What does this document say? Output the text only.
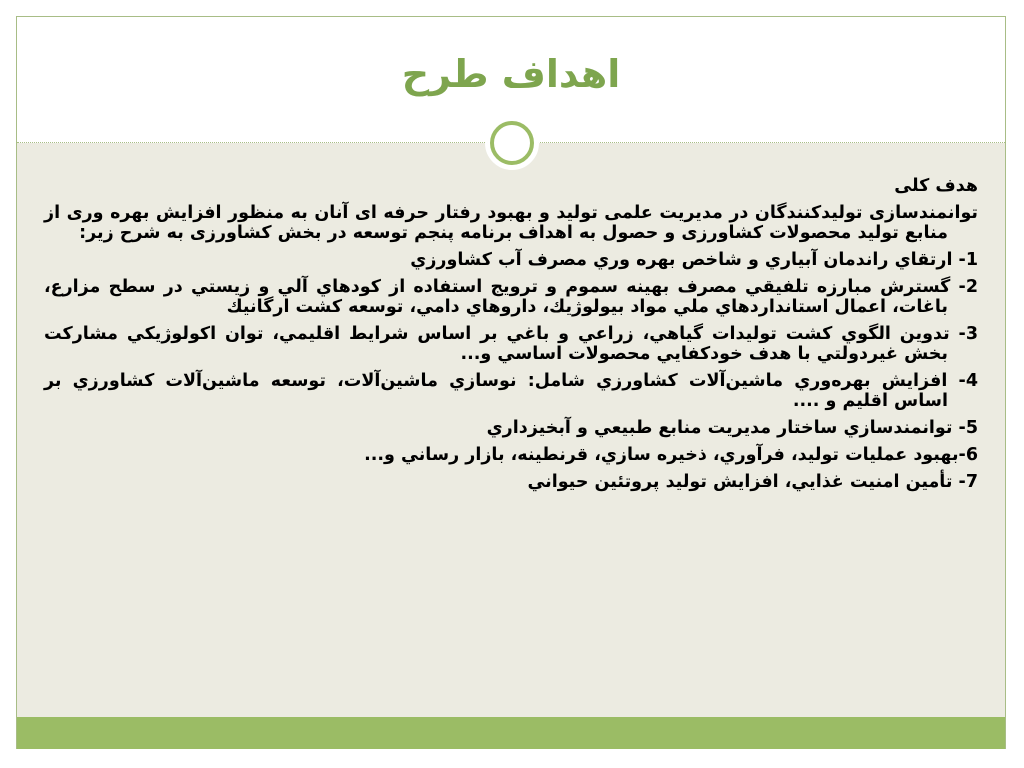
اهداف طرح

هدف کلی

توانمندسازی تولیدکنندگان در مدیریت علمی تولید و بهبود رفتار حرفه ای آنان به منظور افزایش بهره وری از منابع تولید محصولات کشاورزی و حصول به اهداف برنامه پنجم توسعه در بخش کشاورزی به شرح زیر:

1- ارتقاي راندمان آبياري و شاخص بهره وري مصرف آب كشاورزي

2- گسترش مبارزه تلفيقي مصرف بهينه سموم و ترويج استفاده از كودهاي آلي و زيستي در سطح مزارع، باغات، اعمال استانداردهاي ملي مواد بيولوژيك، داروهاي دامي، توسعه كشت ارگانيك

3- تدوين الگوي كشت توليدات گياهي، زراعي و باغي بر اساس شرايط اقليمي، توان اكولوژيكي مشاركت بخش غيردولتي با هدف خودكفايي محصولات اساسي و...

4- افزايش بهره‌وري ماشين‌آلات كشاورزي شامل: نوسازي ماشين‌آلات، توسعه ماشين‌آلات كشاورزي بر اساس اقليم و ....

5- توانمندسازي ساختار مديريت منابع طبيعي و آبخيزداري

6-بهبود عمليات توليد، فرآوري، ذخيره سازي، قرنطينه، بازار رساني و...

7- تأمين امنيت غذايي، افزايش توليد پروتئين حيواني
